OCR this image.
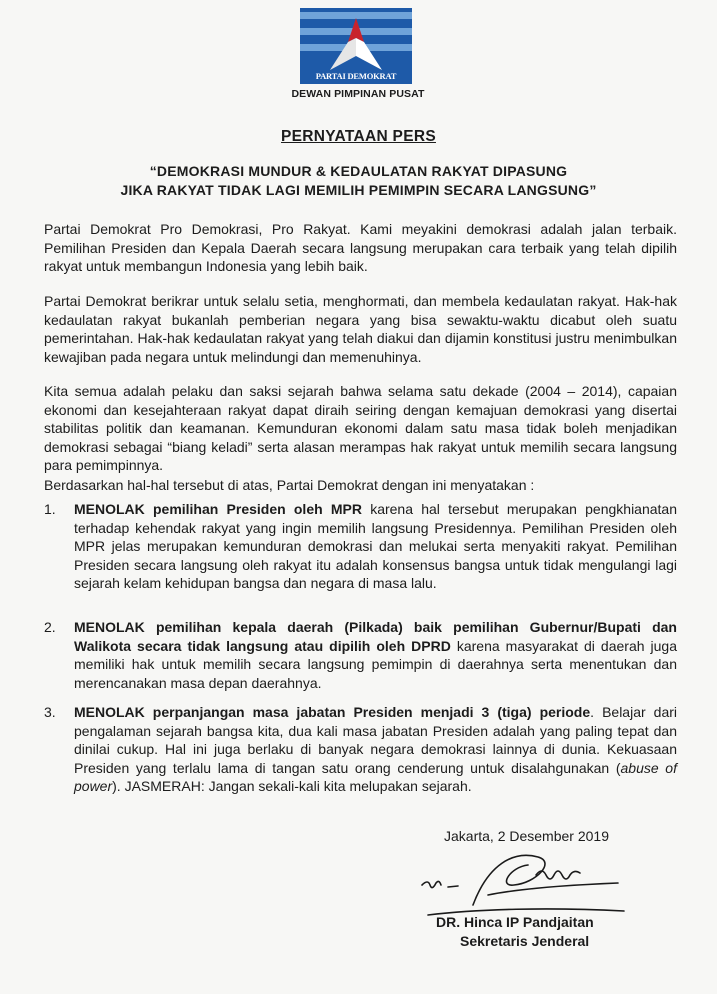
PARTAI DEMOKRAT
DEWAN PIMPINAN PUSAT
PERNYATAAN PERS
“DEMOKRASI MUNDUR & KEDAULATAN RAKYAT DIPASUNG
JIKA RAKYAT TIDAK LAGI MEMILIH PEMIMPIN SECARA LANGSUNG”

Partai Demokrat Pro Demokrasi, Pro Rakyat. Kami meyakini demokrasi adalah jalan terbaik. Pemilihan Presiden dan Kepala Daerah secara langsung merupakan cara terbaik yang telah dipilih rakyat untuk membangun Indonesia yang lebih baik.

Partai Demokrat berikrar untuk selalu setia, menghormati, dan membela kedaulatan rakyat. Hak-hak kedaulatan rakyat bukanlah pemberian negara yang bisa sewaktu-waktu dicabut oleh suatu pemerintahan. Hak-hak kedaulatan rakyat yang telah diakui dan dijamin konstitusi justru menimbulkan kewajiban pada negara untuk melindungi dan memenuhinya.

Kita semua adalah pelaku dan saksi sejarah bahwa selama satu dekade (2004 – 2014), capaian ekonomi dan kesejahteraan rakyat dapat diraih seiring dengan kemajuan demokrasi yang disertai stabilitas politik dan keamanan. Kemunduran ekonomi dalam satu masa tidak boleh menjadikan demokrasi sebagai “biang keladi” serta alasan merampas hak rakyat untuk memilih secara langsung para pemimpinnya.

Berdasarkan hal-hal tersebut di atas, Partai Demokrat dengan ini menyatakan :
1.	MENOLAK pemilihan Presiden oleh MPR karena hal tersebut merupakan pengkhianatan terhadap kehendak rakyat yang ingin memilih langsung Presidennya. Pemilihan Presiden oleh MPR jelas merupakan kemunduran demokrasi dan melukai serta menyakiti rakyat. Pemilihan Presiden secara langsung oleh rakyat itu adalah konsensus bangsa untuk tidak mengulangi lagi sejarah kelam kehidupan bangsa dan negara di masa lalu.
2.	MENOLAK pemilihan kepala daerah (Pilkada) baik pemilihan Gubernur/Bupati dan Walikota secara tidak langsung atau dipilih oleh DPRD karena masyarakat di daerah juga memiliki hak untuk memilih secara langsung pemimpin di daerahnya serta menentukan dan merencanakan masa depan daerahnya.
3.	MENOLAK perpanjangan masa jabatan Presiden menjadi 3 (tiga) periode. Belajar dari pengalaman sejarah bangsa kita, dua kali masa jabatan Presiden adalah yang paling tepat dan dinilai cukup. Hal ini juga berlaku di banyak negara demokrasi lainnya di dunia. Kekuasaan Presiden yang terlalu lama di tangan satu orang cenderung untuk disalahgunakan (abuse of power). JASMERAH: Jangan sekali-kali kita melupakan sejarah.
Jakarta, 2 Desember 2019
DR. Hinca IP Pandjaitan
Sekretaris Jenderal
